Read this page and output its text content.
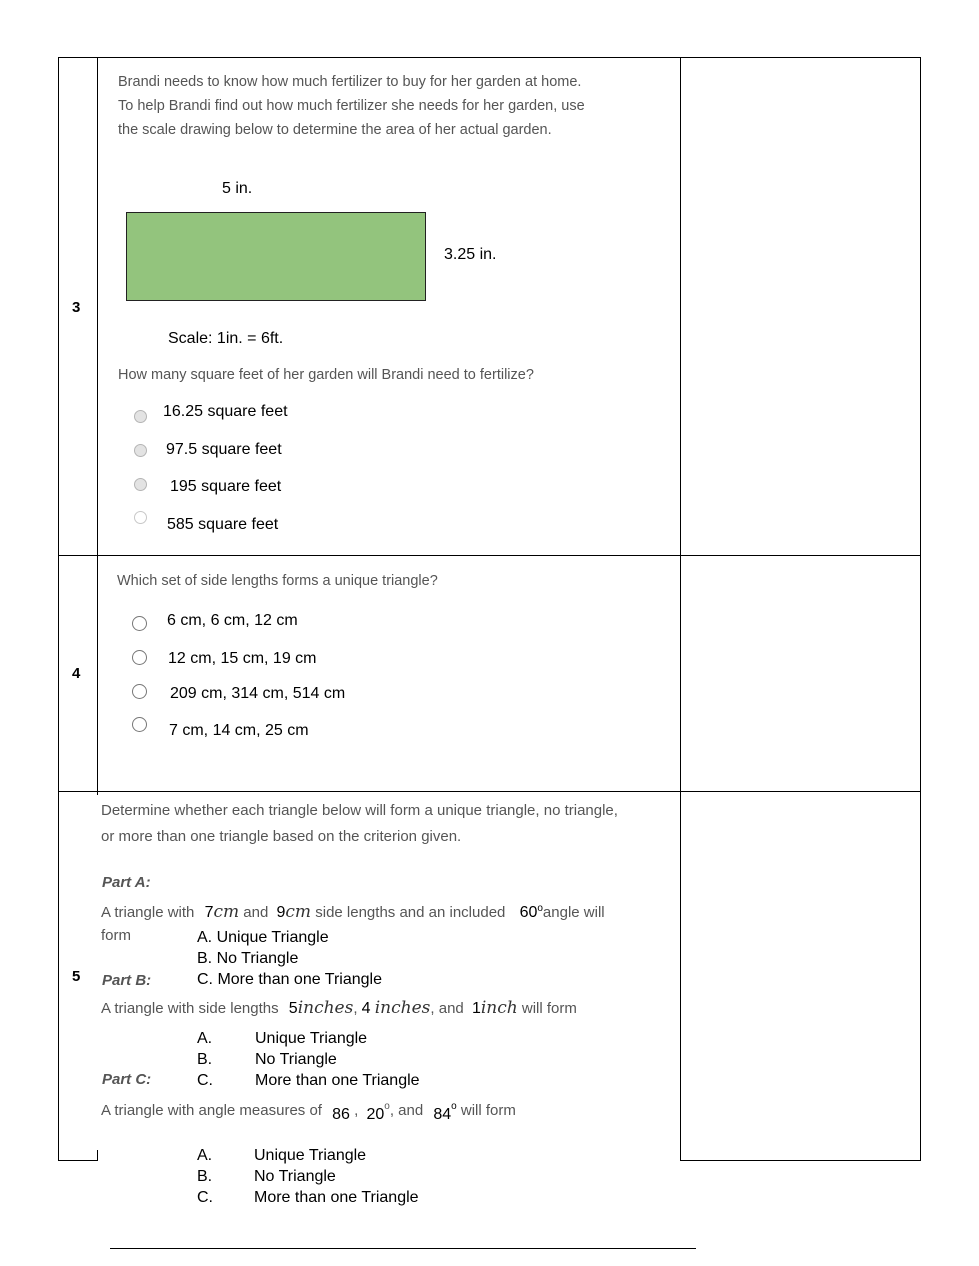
3
Brandi needs to know how much fertilizer to buy for her garden at home.
To help Brandi find out how much fertilizer she needs for her garden, use
the scale drawing below to determine the area of her actual garden.
5 in.
3.25 in.
Scale: 1in. = 6ft.
How many square feet of her garden will Brandi need to fertilize?
16.25 square feet
97.5 square feet
195 square feet
585 square feet
4
Which set of side lengths forms a unique triangle?
6 cm, 6 cm, 12 cm
12 cm, 15 cm, 19 cm
209 cm, 314 cm, 514 cm
7 cm, 14 cm, 25 cm
5
Determine whether each triangle below will form a unique triangle, no triangle,
or more than one triangle based on the criterion given.
Part A:
A triangle with 7cm and 9cm side lengths and an included 60$^o$angle will
form	A. Unique Triangle
B. No Triangle
C. More than one Triangle
Part B:
A triangle with side lengths 5inches, 4 inches, and 1inch will form
A.	Unique Triangle
B.	No Triangle
C.	More than one Triangle
Part C:
A triangle with angle measures of 86 , 20$^o$, and 84$^o$ will form
A.	Unique Triangle
B.	No Triangle
C.	More than one Triangle
